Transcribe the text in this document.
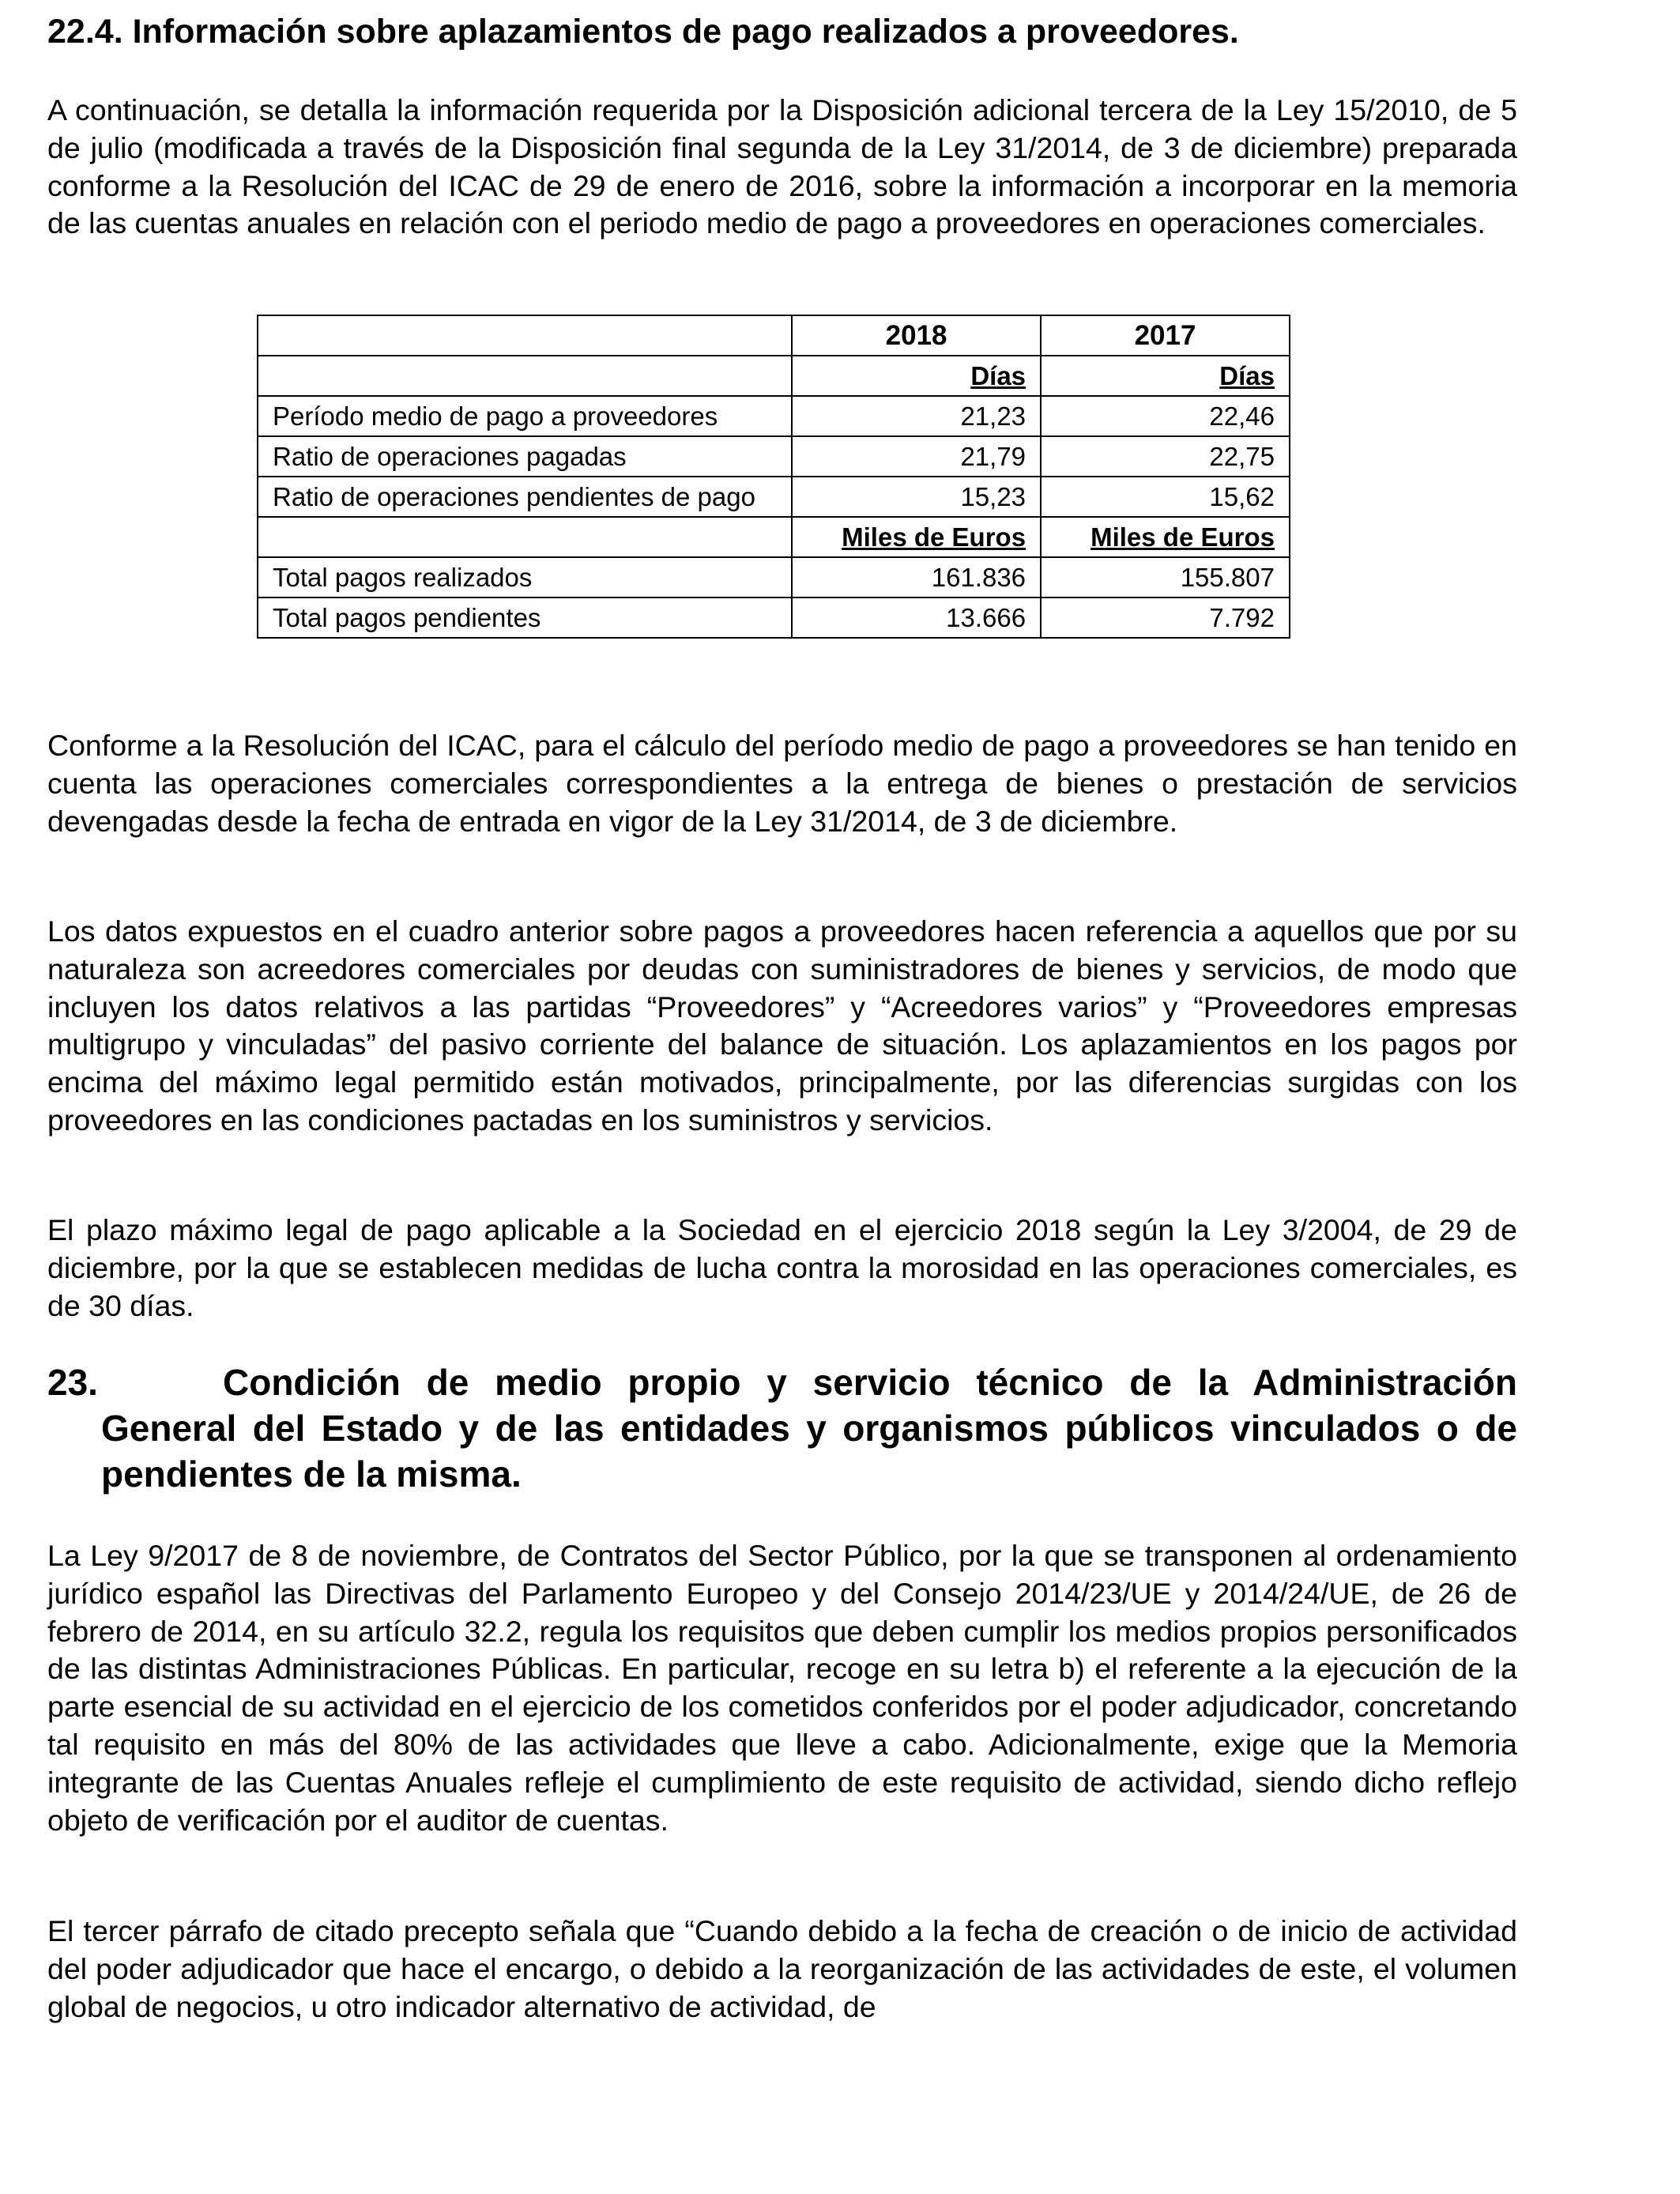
22.4. Información sobre aplazamientos de pago realizados a proveedores.

A continuación, se detalla la información requerida por la Disposición adicional tercera de la Ley 15/2010, de 5 de julio (modificada a través de la Disposición final segunda de la Ley 31/2014, de 3 de diciembre) preparada conforme a la Resolución del ICAC de 29 de enero de 2016, sobre la información a incorporar en la memoria de las cuentas anuales en relación con el periodo medio de pago a proveedores en operaciones comerciales.

	2018	2017
	Días	Días
Período medio de pago a proveedores	21,23	22,46
Ratio de operaciones pagadas	21,79	22,75
Ratio de operaciones pendientes de pago	15,23	15,62
	Miles de Euros	Miles de Euros
Total pagos realizados	161.836	155.807
Total pagos pendientes	13.666	7.792

Conforme a la Resolución del ICAC, para el cálculo del período medio de pago a proveedores se han tenido en cuenta las operaciones comerciales correspondientes a la entrega de bienes o prestación de servicios devengadas desde la fecha de entrada en vigor de la Ley 31/2014, de 3 de diciembre.

Los datos expuestos en el cuadro anterior sobre pagos a proveedores hacen referencia a aquellos que por su naturaleza son acreedores comerciales por deudas con suministradores de bienes y servicios, de modo que incluyen los datos relativos a las partidas “Proveedores” y “Acreedores varios” y “Proveedores empresas multigrupo y vinculadas” del pasivo corriente del balance de situación. Los aplazamientos en los pagos por encima del máximo legal permitido están motivados, principalmente, por las diferencias surgidas con los proveedores en las condiciones pactadas en los suministros y servicios.

El plazo máximo legal de pago aplicable a la Sociedad en el ejercicio 2018 según la Ley 3/2004, de 29 de diciembre, por la que se establecen medidas de lucha contra la morosidad en las operaciones comerciales, es de 30 días.

23.	Condición de medio propio y servicio técnico de la Administración
General del Estado y de las entidades y organismos públicos vinculados o de pendientes de la misma.

La Ley 9/2017 de 8 de noviembre, de Contratos del Sector Público, por la que se transponen al ordenamiento jurídico español las Directivas del Parlamento Europeo y del Consejo 2014/23/UE y 2014/24/UE, de 26 de febrero de 2014, en su artículo 32.2, regula los requisitos que deben cumplir los medios propios personificados de las distintas Administraciones Públicas. En particular, recoge en su letra b) el referente a la ejecución de la parte esencial de su actividad en el ejercicio de los cometidos conferidos por el poder adjudicador, concretando tal requisito en más del 80% de las actividades que lleve a cabo. Adicionalmente, exige que la Memoria integrante de las Cuentas Anuales refleje el cumplimiento de este requisito de actividad, siendo dicho reflejo objeto de verificación por el auditor de cuentas.

El tercer párrafo de citado precepto señala que “Cuando debido a la fecha de creación o de inicio de actividad del poder adjudicador que hace el encargo, o debido a la reorganización de las actividades de este, el volumen global de negocios, u otro indicador alternativo de actividad, de
